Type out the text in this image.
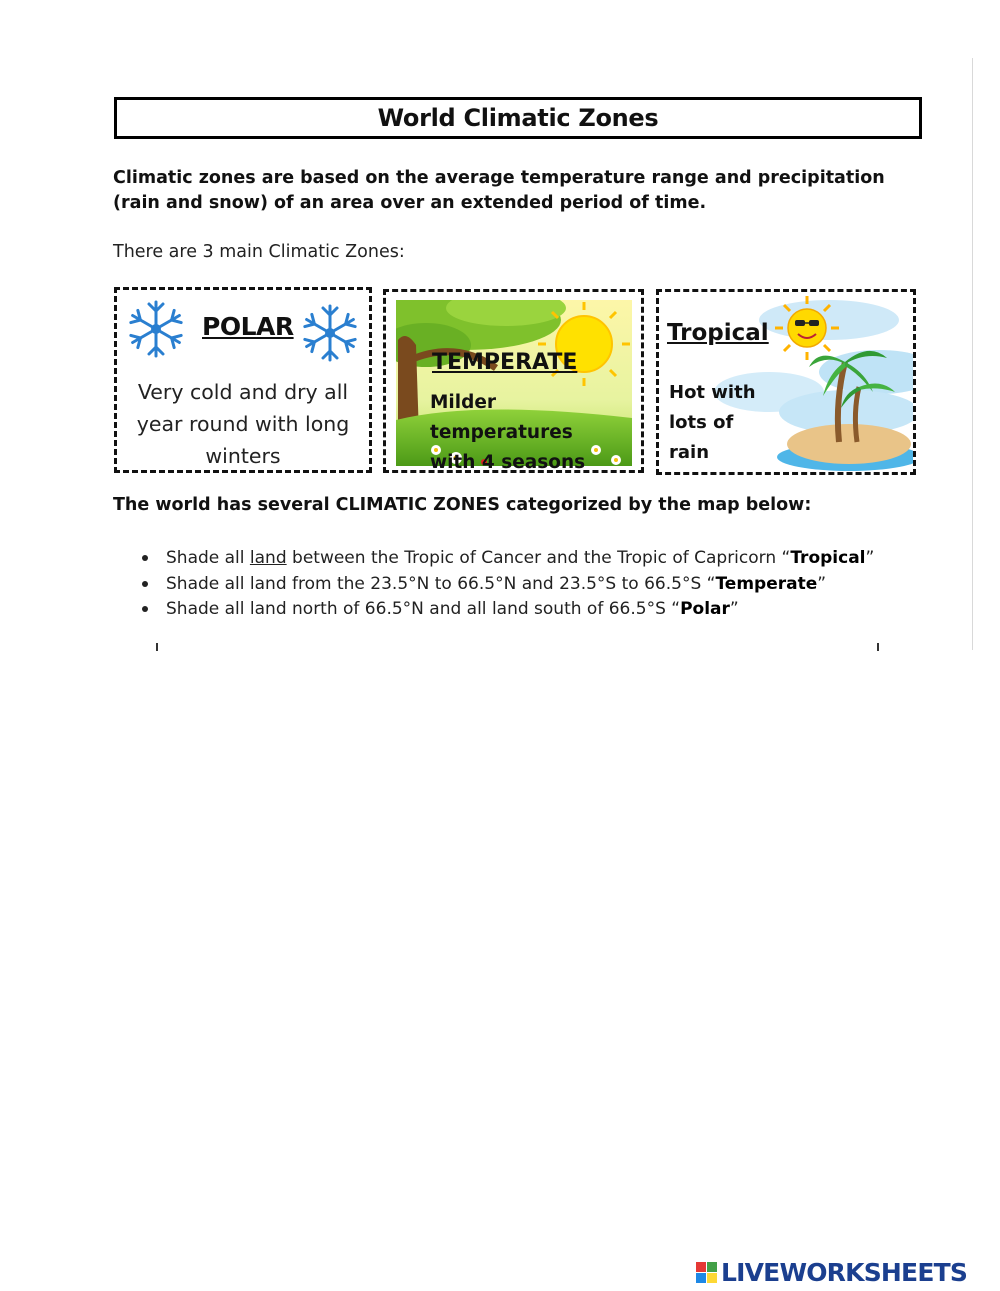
World Climatic Zones
Climatic zones are based on the average temperature range and precipitation (rain and snow) of an area over an extended period of time.
There are 3 main Climatic Zones:
POLAR
Very cold and dry all
year round with long
winters
TEMPERATE
Milder temperatures
with 4 seasons
Tropical
Hot with
lots of rain
The world has several CLIMATIC ZONES categorized by the map below:
Shade all land between the Tropic of Cancer and the Tropic of Capricorn “Tropical”
Shade all land from the 23.5°N to 66.5°N and 23.5°S to 66.5°S “Temperate”
Shade all land north of 66.5°N and all land south of 66.5°S “Polar”
LIVEWORKSHEETS
